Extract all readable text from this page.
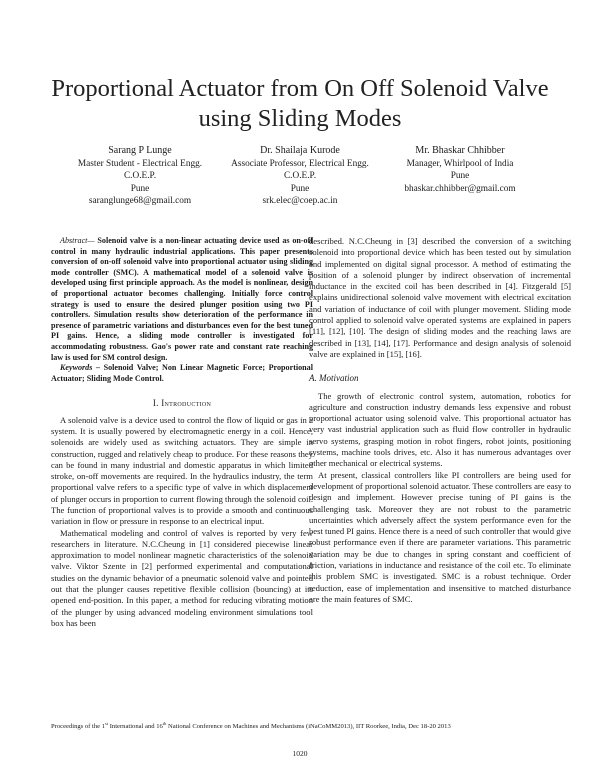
Proportional Actuator from On Off Solenoid Valve
using Sliding Modes
Sarang P Lunge
Master Student - Electrical Engg.
C.O.E.P.
Pune
saranglunge68@gmail.com
Dr. Shailaja Kurode
Associate Professor, Electrical Engg.
C.O.E.P.
Pune
srk.elec@coep.ac.in
Mr. Bhaskar Chhibber
Manager, Whirlpool of India
Pune
bhaskar.chhibber@gmail.com

Abstract— Solenoid valve is a non-linear actuating device used as on-off control in many hydraulic industrial applications. This paper presents conversion of on-off solenoid valve into proportional actuator using sliding mode controller (SMC). A mathematical model of a solenoid valve is developed using first principle approach. As the model is nonlinear, design of proportional actuator becomes challenging. Initially force control strategy is used to ensure the desired plunger position using two PI controllers. Simulation results show deterioration of the performance in presence of parametric variations and disturbances even for the best tuned PI gains. Hence, a sliding mode controller is investigated for accommodating robustness. Gao's power rate and constant rate reaching law is used for SM control design.

Keywords – Solenoid Valve; Non Linear Magnetic Force; Proportional Actuator; Sliding Mode Control.

I. Introduction

A solenoid valve is a device used to control the flow of liquid or gas in a system. It is usually powered by electromagnetic energy in a coil. Hence, solenoids are widely used as switching actuators. They are simple in construction, rugged and relatively cheap to produce. For these reasons they can be found in many industrial and domestic apparatus in which limited stroke, on-off movements are required. In the hydraulics industry, the term proportional valve refers to a specific type of valve in which displacement of plunger occurs in proportion to current flowing through the solenoid coil. The function of proportional valves is to provide a smooth and continuous variation in flow or pressure in response to an electrical input.

Mathematical modeling and control of valves is reported by very few researchers in literature. N.C.Cheung in [1] considered piecewise linear approximation to model nonlinear magnetic characteristics of the solenoid valve. Viktor Szente in [2] performed experimental and computational studies on the dynamic behavior of a pneumatic solenoid valve and pointed out that the plunger causes repetitive flexible collision (bouncing) at its opened end-position. In this paper, a method for reducing vibrating motion of the plunger by using advanced modeling environment simulations tool box has been

described. N.C.Cheung in [3] described the conversion of a switching solenoid into proportional device which has been tested out by simulation and implemented on digital signal processor. A method of estimating the position of a solenoid plunger by indirect observation of incremental inductance in the excited coil has been described in [4]. Fitzgerald [5] explains unidirectional solenoid valve movement with electrical excitation and variation of inductance of coil with plunger movement. Sliding mode control applied to solenoid valve operated systems are explained in papers [11], [12], [10]. The design of sliding modes and the reaching laws are described in [13], [14], [17]. Performance and design analysis of solenoid valve are explained in [15], [16].

A. Motivation

The growth of electronic control system, automation, robotics for agriculture and construction industry demands less expensive and robust proportional actuator using solenoid valve. This proportional actuator has very vast industrial application such as fluid flow controller in hydraulic servo systems, grasping motion in robot fingers, robot joints, positioning systems, machine tools drives, etc. Also it has numerous advantages over other mechanical or electrical systems.

At present, classical controllers like PI controllers are being used for development of proportional solenoid actuator. These controllers are easy to design and implement. However precise tuning of PI gains is the challenging task. Moreover they are not robust to the parametric uncertainties which adversely affect the system performance even for the best tuned PI gains. Hence there is a need of such controller that would give robust performance even if there are parameter variations. This parametric variation may be due to changes in spring constant and coefficient of friction, variations in inductance and resistance of the coil etc. To eliminate this problem SMC is investigated. SMC is a robust technique. Order reduction, ease of implementation and insensitive to matched disturbance are the main features of SMC.

Proceedings of the 1st International and 16th National Conference on Machines and Mechanisms (iNaCoMM2013), IIT Roorkee, India, Dec 18-20 2013
1020
